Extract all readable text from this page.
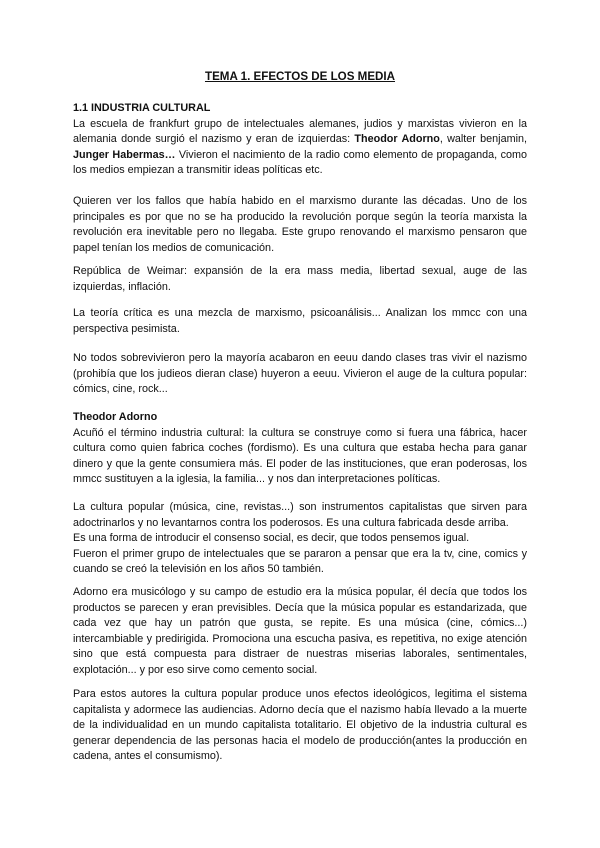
TEMA 1. EFECTOS DE LOS MEDIA
1.1 INDUSTRIA CULTURAL
La escuela de frankfurt grupo de intelectuales alemanes, judios y marxistas vivieron en la alemania donde surgió el nazismo y eran de izquierdas: Theodor Adorno, walter benjamin, Junger Habermas… Vivieron el nacimiento de la radio como elemento de propaganda, como los medios empiezan a transmitir ideas políticas etc.
Quieren ver los fallos que había habido en el marxismo durante las décadas. Uno de los principales es por que no se ha producido la revolución porque según la teoría marxista la revolución era inevitable pero no llegaba. Este grupo renovando el marxismo pensaron que papel tenían los medios de comunicación.
República de Weimar: expansión de la era mass media, libertad sexual, auge de las izquierdas, inflación.
La teoría crítica es una mezcla de marxismo, psicoanálisis... Analizan los mmcc con una perspectiva pesimista.
No todos sobrevivieron pero la mayoría acabaron en eeuu dando clases tras vivir el nazismo (prohibía que los judieos dieran clase) huyeron a eeuu. Vivieron el auge de la cultura popular: cómics, cine, rock...
Theodor Adorno
Acuñó el término industria cultural: la cultura se construye como si fuera una fábrica, hacer cultura como quien fabrica coches (fordismo). Es una cultura que estaba hecha para ganar dinero y que la gente consumiera más. El poder de las instituciones, que eran poderosas, los mmcc sustituyen a la iglesia, la familia... y nos dan interpretaciones políticas.
La cultura popular (música, cine, revistas...) son instrumentos capitalistas que sirven para adoctrinarlos y no levantarnos contra los poderosos. Es una cultura fabricada desde arriba.
Es una forma de introducir el consenso social, es decir, que todos pensemos igual.
Fueron el primer grupo de intelectuales que se pararon a pensar que era la tv, cine, comics y cuando se creó la televisión en los años 50 también.
Adorno era musicólogo y su campo de estudio era la música popular, él decía que todos los productos se parecen y eran previsibles. Decía que la música popular es estandarizada, que cada vez que hay un patrón que gusta, se repite. Es una música (cine, cómics...) intercambiable y predirigida. Promociona una escucha pasiva, es repetitiva, no exige atención sino que está compuesta para distraer de nuestras miserias laborales, sentimentales, explotación... y por eso sirve como cemento social.
Para estos autores la cultura popular produce unos efectos ideológicos, legitima el sistema capitalista y adormece las audiencias. Adorno decía que el nazismo había llevado a la muerte de la individualidad en un mundo capitalista totalitario. El objetivo de la industria cultural es generar dependencia de las personas hacia el modelo de producción(antes la producción en cadena, antes el consumismo).
